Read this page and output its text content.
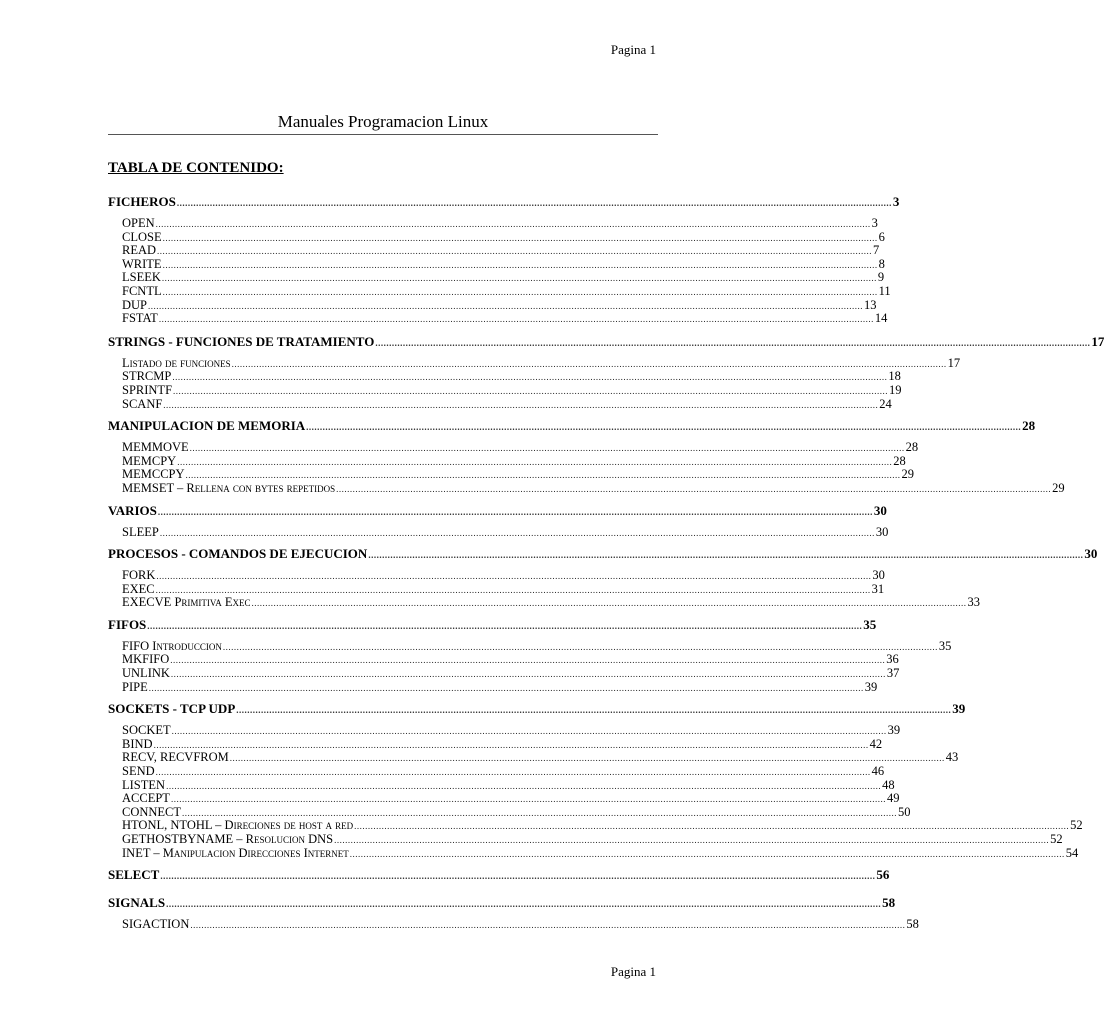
Pagina 1
Manuales Programacion Linux
TABLA DE CONTENIDO:
FICHEROS .................................................................................................................................................................................................................................................................... 3
OPEN .................................................................................................................................................................................................................................................................... 3
CLOSE .................................................................................................................................................................................................................................................................... 6
READ .................................................................................................................................................................................................................................................................... 7
WRITE .................................................................................................................................................................................................................................................................... 8
LSEEK .................................................................................................................................................................................................................................................................... 9
FCNTL .................................................................................................................................................................................................................................................................... 11
DUP .................................................................................................................................................................................................................................................................... 13
FSTAT .................................................................................................................................................................................................................................................................... 14
STRINGS - FUNCIONES DE TRATAMIENTO .................................................................................................................................................................................................................................................................... 17
Listado de funciones .................................................................................................................................................................................................................................................................... 17
STRCMP .................................................................................................................................................................................................................................................................... 18
SPRINTF .................................................................................................................................................................................................................................................................... 19
SCANF .................................................................................................................................................................................................................................................................... 24
MANIPULACION DE MEMORIA .................................................................................................................................................................................................................................................................... 28
MEMMOVE .................................................................................................................................................................................................................................................................... 28
MEMCPY .................................................................................................................................................................................................................................................................... 28
MEMCCPY .................................................................................................................................................................................................................................................................... 29
MEMSET – Rellena con bytes repetidos .................................................................................................................................................................................................................................................................... 29
VARIOS .................................................................................................................................................................................................................................................................... 30
SLEEP .................................................................................................................................................................................................................................................................... 30
PROCESOS - COMANDOS DE EJECUCION .................................................................................................................................................................................................................................................................... 30
FORK .................................................................................................................................................................................................................................................................... 30
EXEC .................................................................................................................................................................................................................................................................... 31
EXECVE Primitiva Exec .................................................................................................................................................................................................................................................................... 33
FIFOS .................................................................................................................................................................................................................................................................... 35
FIFO Introduccion .................................................................................................................................................................................................................................................................... 35
MKFIFO .................................................................................................................................................................................................................................................................... 36
UNLINK .................................................................................................................................................................................................................................................................... 37
PIPE .................................................................................................................................................................................................................................................................... 39
SOCKETS - TCP UDP .................................................................................................................................................................................................................................................................... 39
SOCKET .................................................................................................................................................................................................................................................................... 39
BIND .................................................................................................................................................................................................................................................................... 42
RECV, RECVFROM .................................................................................................................................................................................................................................................................... 43
SEND .................................................................................................................................................................................................................................................................... 46
LISTEN .................................................................................................................................................................................................................................................................... 48
ACCEPT .................................................................................................................................................................................................................................................................... 49
CONNECT .................................................................................................................................................................................................................................................................... 50
HTONL, NTOHL – Direciones de host a red .................................................................................................................................................................................................................................................................... 52
GETHOSTBYNAME – Resolucion DNS .................................................................................................................................................................................................................................................................... 52
INET – Manipulacion Direcciones Internet .................................................................................................................................................................................................................................................................... 54
SELECT .................................................................................................................................................................................................................................................................... 56
SIGNALS .................................................................................................................................................................................................................................................................... 58
SIGACTION .................................................................................................................................................................................................................................................................... 58
Pagina 1
